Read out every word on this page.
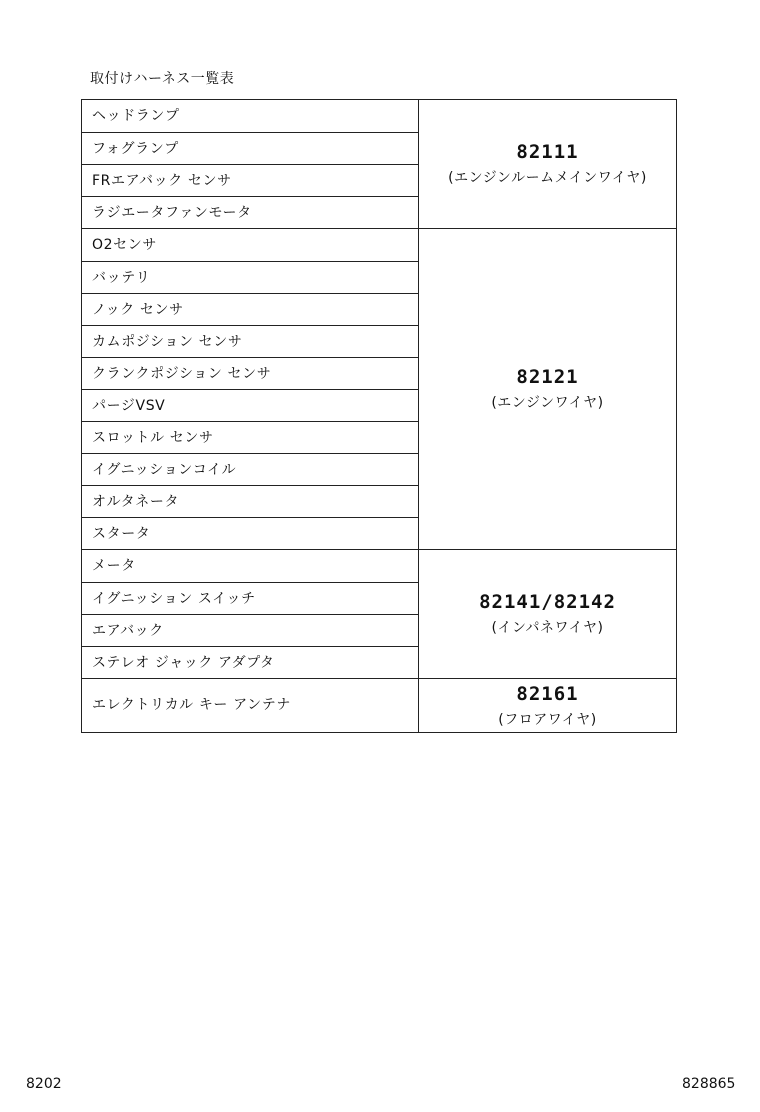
取付けハーネス一覧表
ヘッドランプ
フォグランプ
FRエアバック センサ
ラジエータファンモータ
82111
(エンジンルームメインワイヤ)
O2センサ
バッテリ
ノック センサ
カムポジション センサ
クランクポジション センサ
パージVSV
スロットル センサ
イグニッションコイル
オルタネータ
スタータ
82121
(エンジンワイヤ)
メータ
イグニッション スイッチ
エアバック
ステレオ ジャック アダプタ
82141/82142
(インパネワイヤ)
エレクトリカル キー アンテナ
82161
(フロアワイヤ)
8202	828865
